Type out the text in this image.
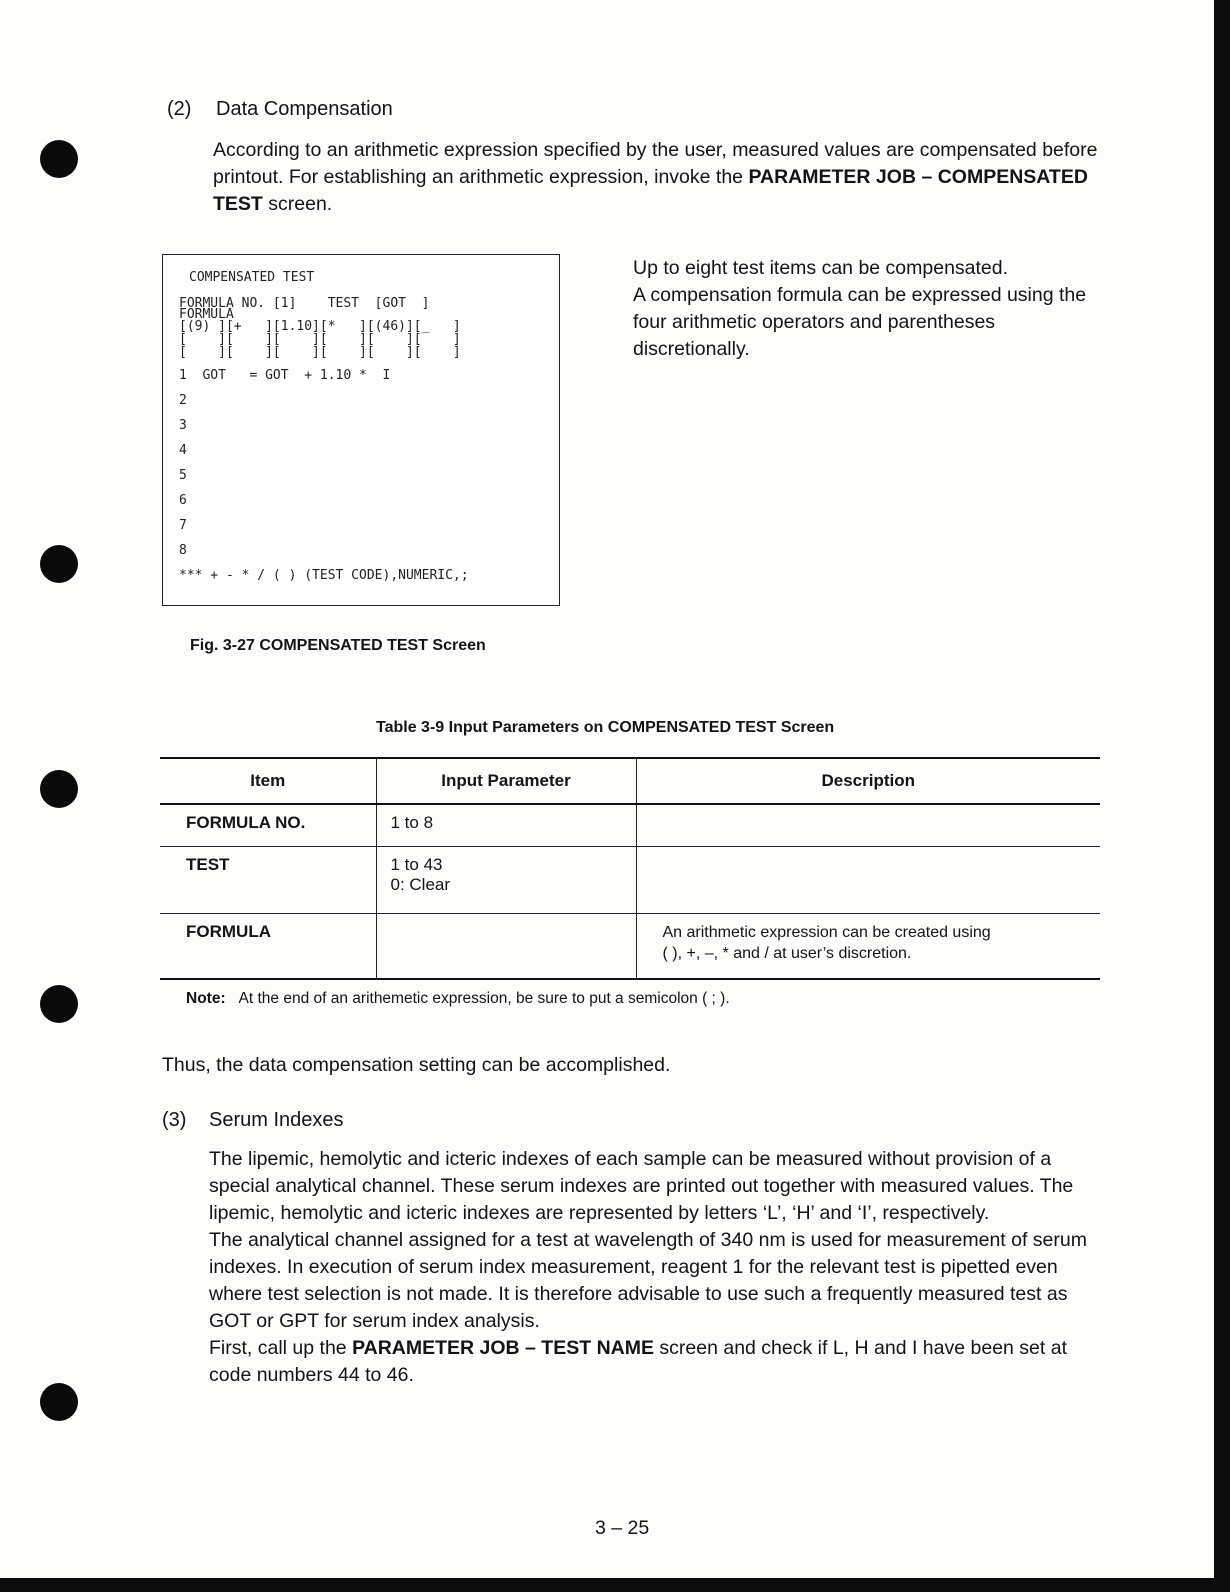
(2) Data Compensation
According to an arithmetic expression specified by the user, measured values are compensated before printout. For establishing an arithmetic expression, invoke the PARAMETER JOB – COMPENSATED TEST screen.
COMPENSATED TEST
FORMULA NO. [1]    TEST  [GOT  ]
FORMULA
[(9) ][+   ][1.10][*   ][(46)][_   ]
[    ][    ][    ][    ][    ][    ]
[    ][    ][    ][    ][    ][    ]
1  GOT   = GOT  + 1.10 *  I
2
3
4
5
6
7
8
*** + - * / ( ) (TEST CODE),NUMERIC,;
Up to eight test items can be compensated.
A compensation formula can be expressed using the four arithmetic operators and parentheses discretionally.
Fig. 3-27 COMPENSATED TEST Screen
Table 3-9 Input Parameters on COMPENSATED TEST Screen
Item	Input Parameter	Description
FORMULA NO.	1 to 8	

TEST	1 to 43
0: Clear	

FORMULA		An arithmetic expression can be created using
( ), +, –, * and / at user’s discretion.
Note: At the end of an arithemetic expression, be sure to put a semicolon ( ; ).
Thus, the data compensation setting can be accomplished.
(3) Serum Indexes
The lipemic, hemolytic and icteric indexes of each sample can be measured without provision of a special analytical channel. These serum indexes are printed out together with measured values. The lipemic, hemolytic and icteric indexes are represented by letters ‘L’, ‘H’ and ‘I’, respectively.
The analytical channel assigned for a test at wavelength of 340 nm is used for measurement of serum indexes. In execution of serum index measurement, reagent 1 for the relevant test is pipetted even where test selection is not made. It is therefore advisable to use such a frequently measured test as GOT or GPT for serum index analysis.
First, call up the PARAMETER JOB – TEST NAME screen and check if L, H and I have been set at code numbers 44 to 46.
3 – 25
